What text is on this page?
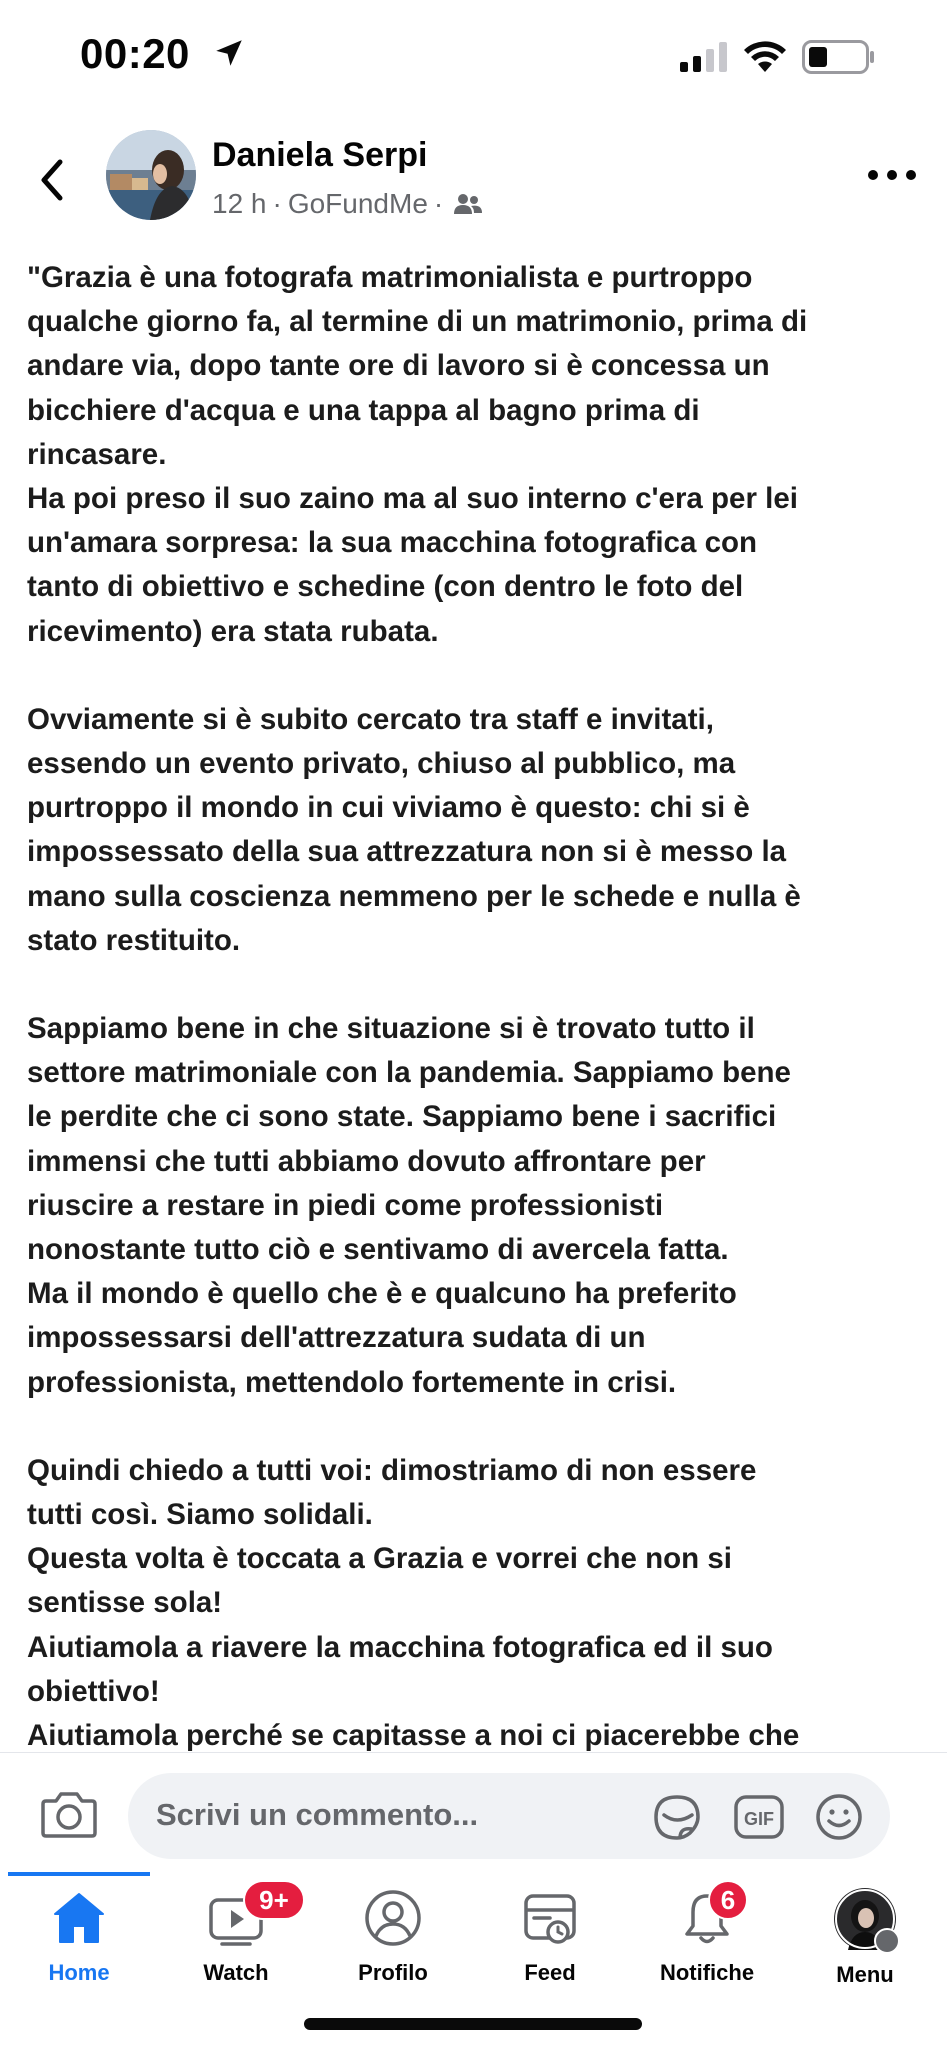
00:20
Daniela Serpi
12 h · GoFundMe ·

"Grazia è una fotografa matrimonialista e purtroppo
qualche giorno fa, al termine di un matrimonio, prima di
andare via, dopo tante ore di lavoro si è concessa un
bicchiere d'acqua e una tappa al bagno prima di
rincasare.
Ha poi preso il suo zaino ma al suo interno c'era per lei
un'amara sorpresa: la sua macchina fotografica con
tanto di obiettivo e schedine (con dentro le foto del
ricevimento) era stata rubata.

Ovviamente si è subito cercato tra staff e invitati,
essendo un evento privato, chiuso al pubblico, ma
purtroppo il mondo in cui viviamo è questo: chi si è
impossessato della sua attrezzatura non si è messo la
mano sulla coscienza nemmeno per le schede e nulla è
stato restituito.

Sappiamo bene in che situazione si è trovato tutto il
settore matrimoniale con la pandemia. Sappiamo bene
le perdite che ci sono state. Sappiamo bene i sacrifici
immensi che tutti abbiamo dovuto affrontare per
riuscire a restare in piedi come professionisti
nonostante tutto ciò e sentivamo di avercela fatta.
Ma il mondo è quello che è e qualcuno ha preferito
impossessarsi dell'attrezzatura sudata di un
professionista, mettendolo fortemente in crisi.

Quindi chiedo a tutti voi: dimostriamo di non essere
tutti così. Siamo solidali.
Questa volta è toccata a Grazia e vorrei che non si
sentisse sola!
Aiutiamola a riavere la macchina fotografica ed il suo
obiettivo!
Aiutiamola perché se capitasse a noi ci piacerebbe che

Scrivi un commento...	GIF
Home
9+
Watch	Profilo	Feed
6
Notifiche	Menu
